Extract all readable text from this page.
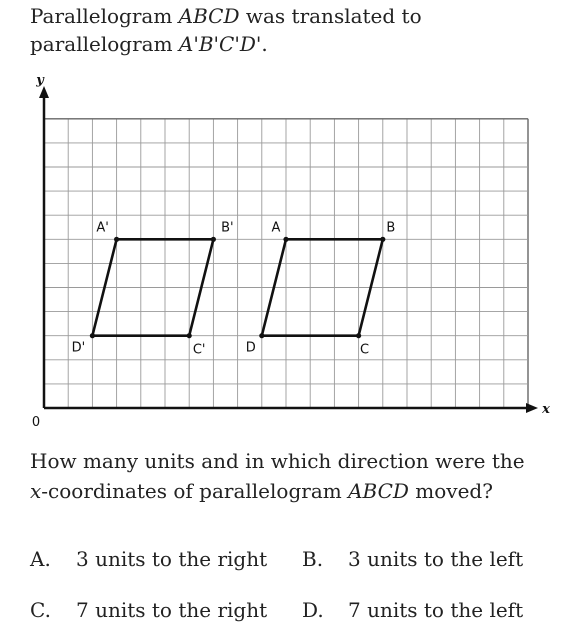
Parallelogram ABCD was translated to
parallelogram A'B'C'D'.
y
x
0
A'	B'
C'
D'
A	B
C
D
How many units and in which direction were the
x-coordinates of parallelogram ABCD moved?
A. 3 units to the right B. 3 units to the left
C. 7 units to the right D. 7 units to the left
